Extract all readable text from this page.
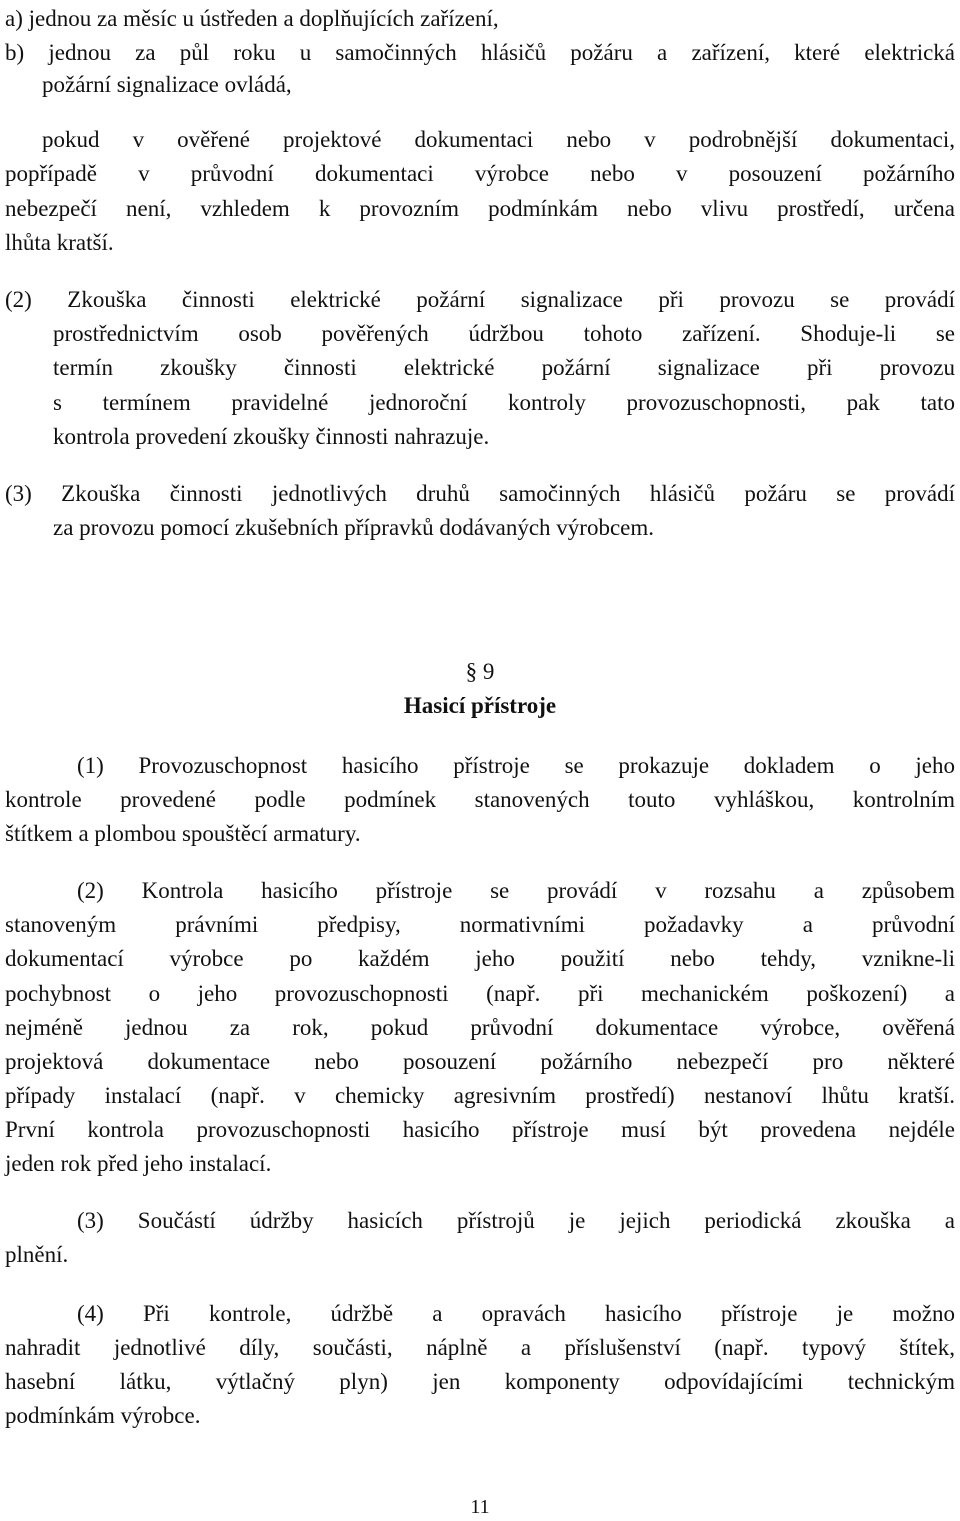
a) jednou za měsíc u ústředen a doplňujících zařízení,
b) jednou za půl roku u samočinných hlásičů požáru a zařízení, které elektrická
požární signalizace ovládá,
pokud v ověřené projektové dokumentaci nebo v podrobnější dokumentaci,
popřípadě v průvodní dokumentaci výrobce nebo v posouzení požárního
nebezpečí není, vzhledem k provozním podmínkám nebo vlivu prostředí, určena
lhůta kratší.
(2) Zkouška činnosti elektrické požární signalizace při provozu se provádí
prostřednictvím osob pověřených údržbou tohoto zařízení. Shoduje-li se
termín zkoušky činnosti elektrické požární signalizace při provozu
s termínem pravidelné jednoroční kontroly provozuschopnosti, pak tato
kontrola provedení zkoušky činnosti nahrazuje.
(3) Zkouška činnosti jednotlivých druhů samočinných hlásičů požáru se provádí
za provozu pomocí zkušebních přípravků dodávaných výrobcem.
§ 9
Hasicí přístroje
(1) Provozuschopnost hasicího přístroje se prokazuje dokladem o jeho
kontrole provedené podle podmínek stanovených touto vyhláškou, kontrolním
štítkem a plombou spouštěcí armatury.
(2) Kontrola hasicího přístroje se provádí v rozsahu a způsobem
stanoveným právními předpisy, normativními požadavky a průvodní
dokumentací výrobce po každém jeho použití nebo tehdy, vznikne-li
pochybnost o jeho provozuschopnosti (např. při mechanickém poškození) a
nejméně jednou za rok, pokud průvodní dokumentace výrobce, ověřená
projektová dokumentace nebo posouzení požárního nebezpečí pro některé
případy instalací (např. v chemicky agresivním prostředí) nestanoví lhůtu kratší.
První kontrola provozuschopnosti hasicího přístroje musí být provedena nejdéle
jeden rok před jeho instalací.
(3) Součástí údržby hasicích přístrojů je jejich periodická zkouška a
plnění.
(4) Při kontrole, údržbě a opravách hasicího přístroje je možno
nahradit jednotlivé díly, součásti, náplně a příslušenství (např. typový štítek,
hasební látku, výtlačný plyn) jen komponenty odpovídajícími technickým
podmínkám výrobce.
11
